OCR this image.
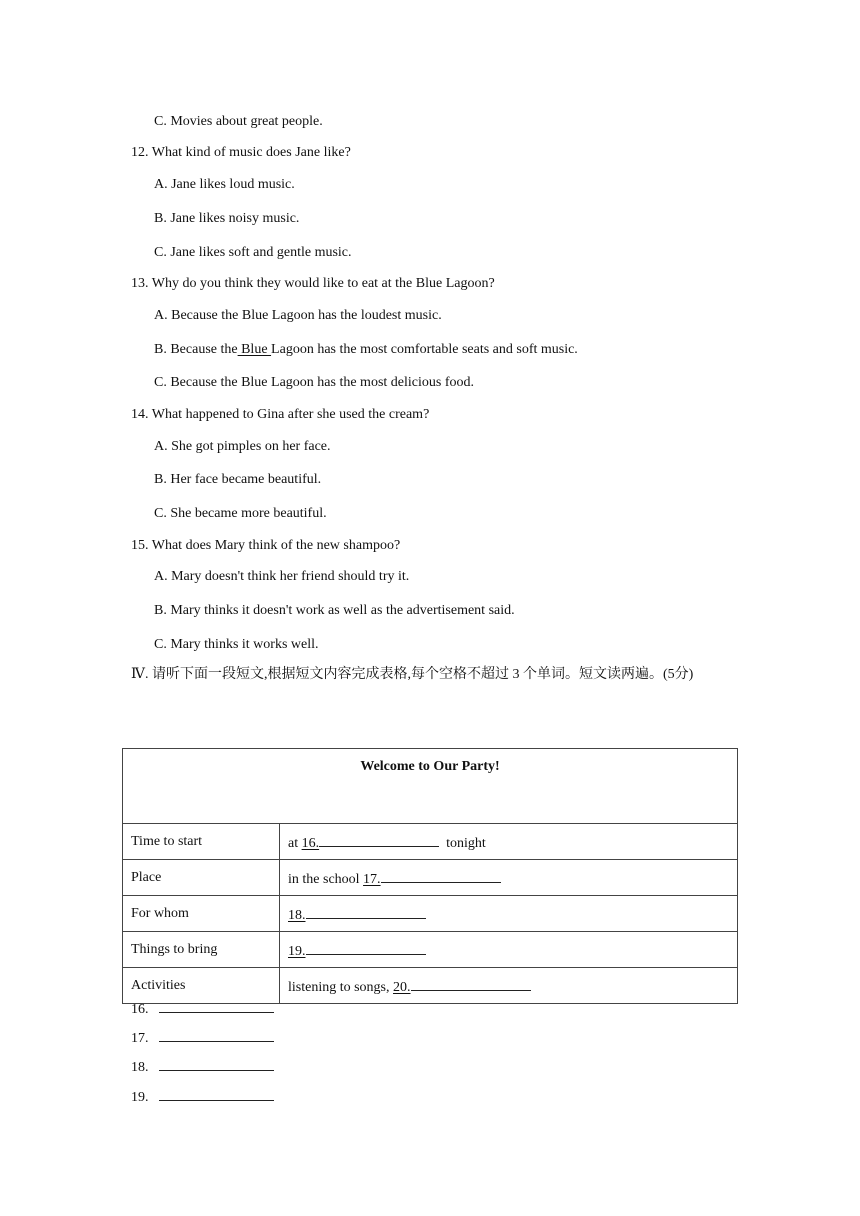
C. Movies about great people.
12. What kind of music does Jane like?
A. Jane likes loud music.
B. Jane likes noisy music.
C. Jane likes soft and gentle music.
13. Why do you think they would like to eat at the Blue Lagoon?
A. Because the Blue Lagoon has the loudest music.
B. Because the Blue Lagoon has the most comfortable seats and soft music.
C. Because the Blue Lagoon has the most delicious food.
14. What happened to Gina after she used the cream?
A. She got pimples on her face.
B. Her face became beautiful.
C. She became more beautiful.
15. What does Mary think of the new shampoo?
A. Mary doesn't think her friend should try it.
B. Mary thinks it doesn't work as well as the advertisement said.
C. Mary thinks it works well.
Ⅳ. 请听下面一段短文,根据短文内容完成表格,每个空格不超过 3 个单词。短文读两遍。(5分)
Welcome to Our Party!	
Time to start	at 16. tonight
Place	in the school 17.
For whom	18.
Things to bring	19.
Activities	listening to songs, 20.
16.
17.
18.
19.
